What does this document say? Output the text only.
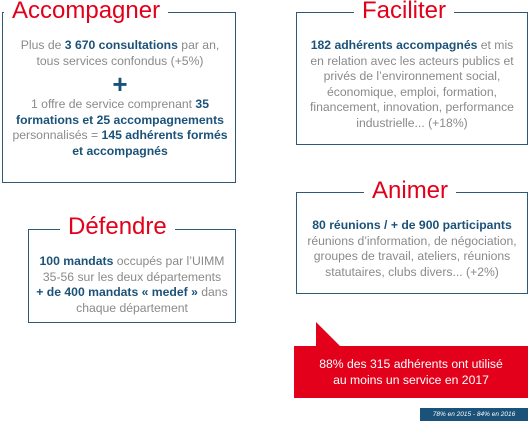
Accompagner
Plus de 3 670 consultations par an, tous services confondus (+5%)
+
1 offre de service comprenant 35 formations et 25 accompagnements personnalisés = 145 adhérents formés et accompagnés
Faciliter
182 adhérents accompagnés et mis en relation avec les acteurs publics et privés de l’environnement social, économique, emploi, formation, financement, innovation, performance industrielle... (+18%)
Défendre
100 mandats occupés par l’UIMM 35-56 sur les deux départements
+ de 400 mandats « medef » dans chaque département
Animer
80 réunions / + de 900 participants
réunions d’information, de négociation, groupes de travail, ateliers, réunions statutaires, clubs divers... (+2%)
88% des 315 adhérents ont utilisé au moins un service en 2017
78% en 2015 - 84% en 2016
